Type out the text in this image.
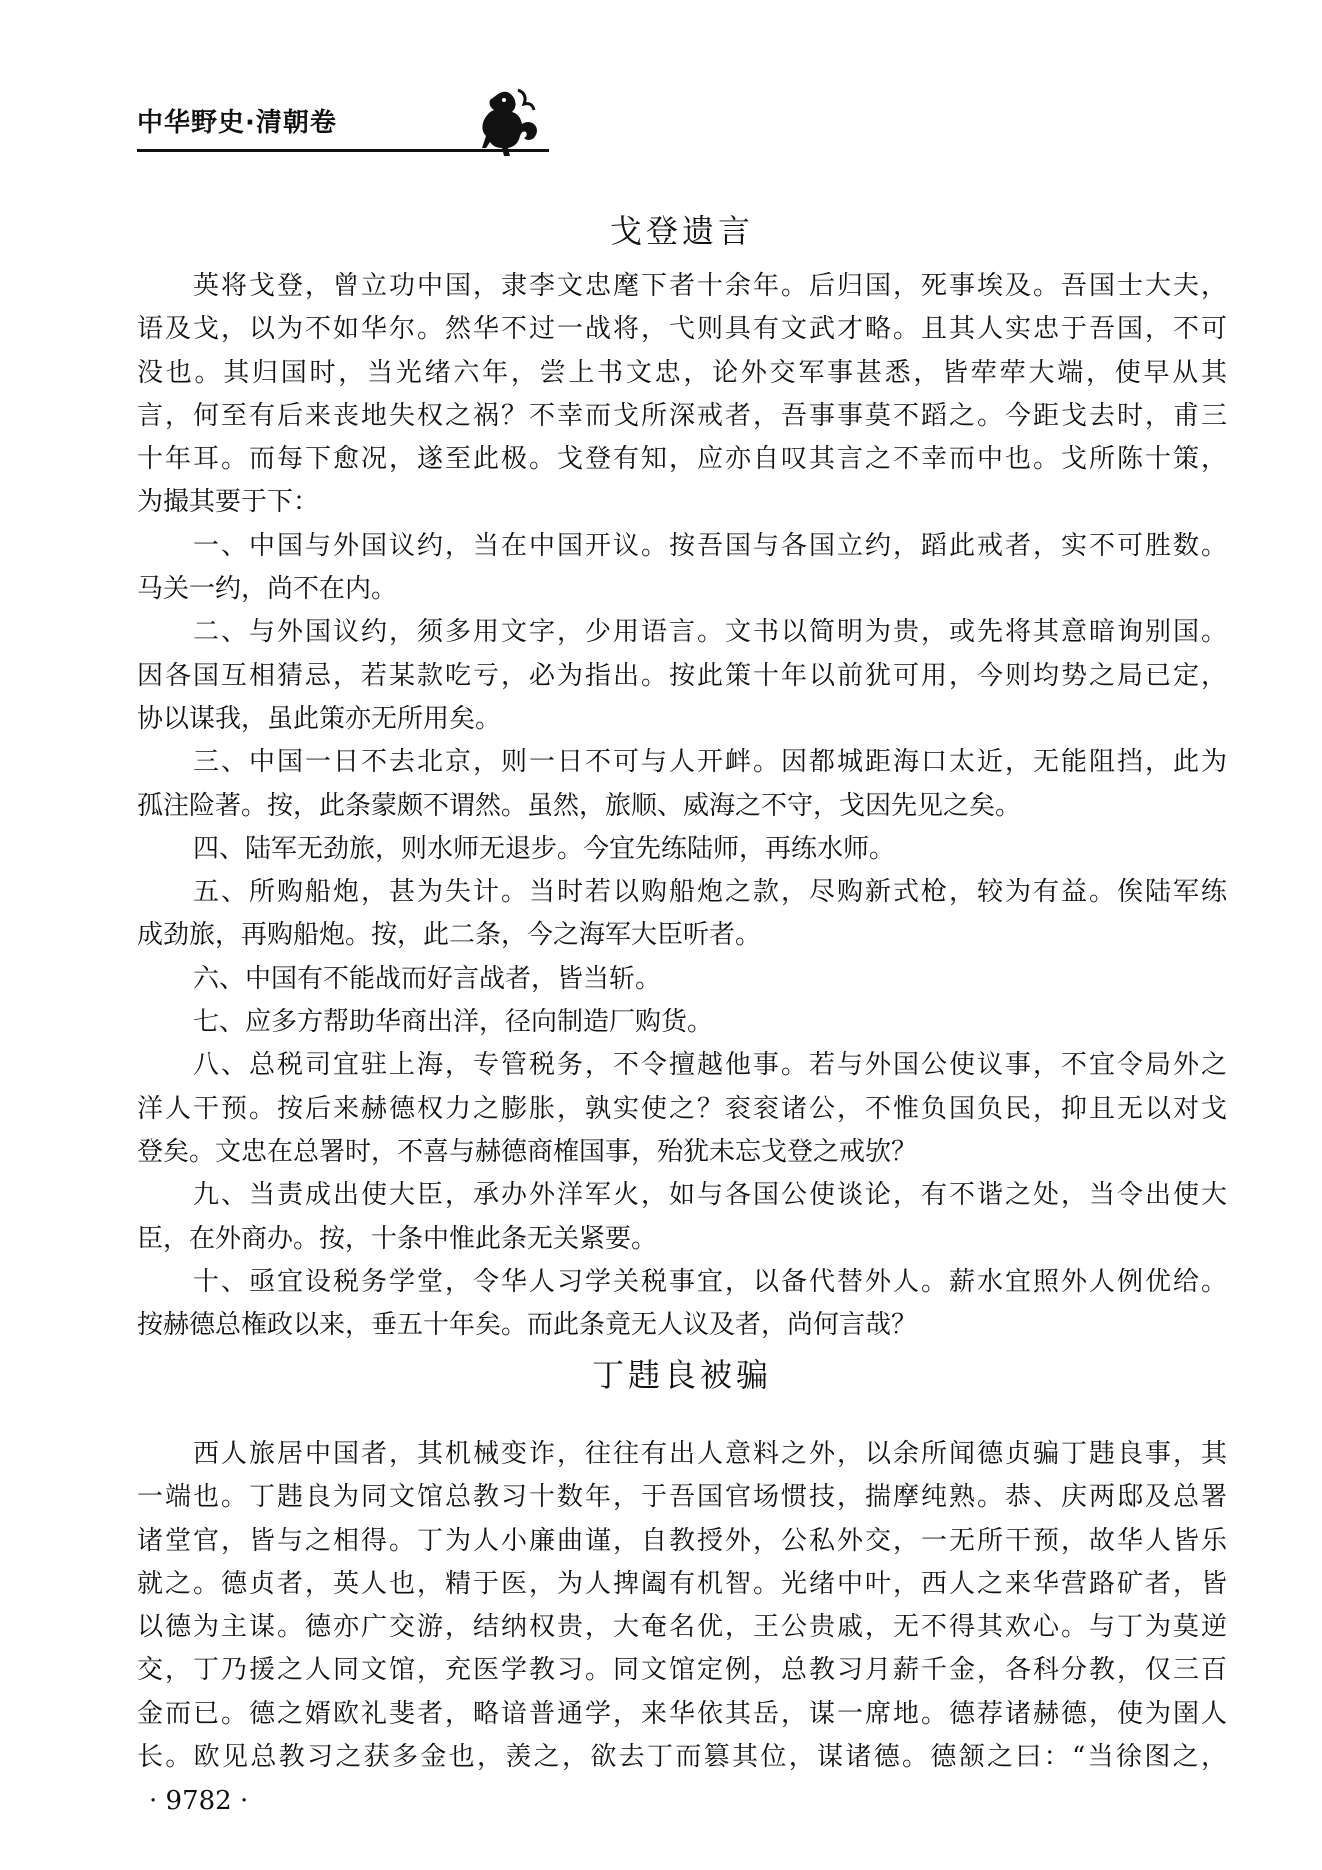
中华野史·清朝卷
戈登遗言
英将戈登，曾立功中国，隶李文忠麾下者十余年。后归国，死事埃及。吾国士大夫，
语及戈，以为不如华尔。然华不过一战将，弋则具有文武才略。且其人实忠于吾国，不可
没也。其归国时，当光绪六年，尝上书文忠，论外交军事甚悉，皆荦荦大端，使早从其
言，何至有后来丧地失权之祸？不幸而戈所深戒者，吾事事莫不蹈之。今距戈去时，甫三
十年耳。而每下愈况，遂至此极。戈登有知，应亦自叹其言之不幸而中也。戈所陈十策，
为撮其要于下：
一、中国与外国议约，当在中国开议。按吾国与各国立约，蹈此戒者，实不可胜数。
马关一约，尚不在内。
二、与外国议约，须多用文字，少用语言。文书以简明为贵，或先将其意暗询别国。
因各国互相猜忌，若某款吃亏，必为指出。按此策十年以前犹可用，今则均势之局已定，
协以谋我，虽此策亦无所用矣。
三、中国一日不去北京，则一日不可与人开衅。因都城距海口太近，无能阻挡，此为
孤注险著。按，此条蒙颇不谓然。虽然，旅顺、威海之不守，戈因先见之矣。
四、陆军无劲旅，则水师无退步。今宜先练陆师，再练水师。
五、所购船炮，甚为失计。当时若以购船炮之款，尽购新式枪，较为有益。俟陆军练
成劲旅，再购船炮。按，此二条，今之海军大臣听者。
六、中国有不能战而好言战者，皆当斩。
七、应多方帮助华商出洋，径向制造厂购货。
八、总税司宜驻上海，专管税务，不令擅越他事。若与外国公使议事，不宜令局外之
洋人干预。按后来赫德权力之膨胀，孰实使之？衮衮诸公，不惟负国负民，抑且无以对戈
登矣。文忠在总署时，不喜与赫德商榷国事，殆犹未忘戈登之戒欤？
九、当责成出使大臣，承办外洋军火，如与各国公使谈论，有不谐之处，当令出使大
臣，在外商办。按，十条中惟此条无关紧要。
十、亟宜设税务学堂，令华人习学关税事宜，以备代替外人。薪水宜照外人例优给。
按赫德总権政以来，垂五十年矣。而此条竟无人议及者，尚何言哉？
丁韪良被骗
西人旅居中国者，其机械变诈，往往有出人意料之外，以余所闻德贞骗丁韪良事，其
一端也。丁韪良为同文馆总教习十数年，于吾国官场惯技，揣摩纯熟。恭、庆两邸及总署
诸堂官，皆与之相得。丁为人小廉曲谨，自教授外，公私外交，一无所干预，故华人皆乐
就之。德贞者，英人也，精于医，为人捭阖有机智。光绪中叶，西人之来华营路矿者，皆
以德为主谋。德亦广交游，结纳权贵，大奄名优，王公贵戚，无不得其欢心。与丁为莫逆
交，丁乃援之人同文馆，充医学教习。同文馆定例，总教习月薪千金，各科分教，仅三百
金而已。德之婿欧礼斐者，略谙普通学，来华依其岳，谋一席地。德荐诸赫德，使为圉人
长。欧见总教习之获多金也，羡之，欲去丁而篡其位，谋诸德。德颔之曰：“当徐图之，
· 9782 ·
